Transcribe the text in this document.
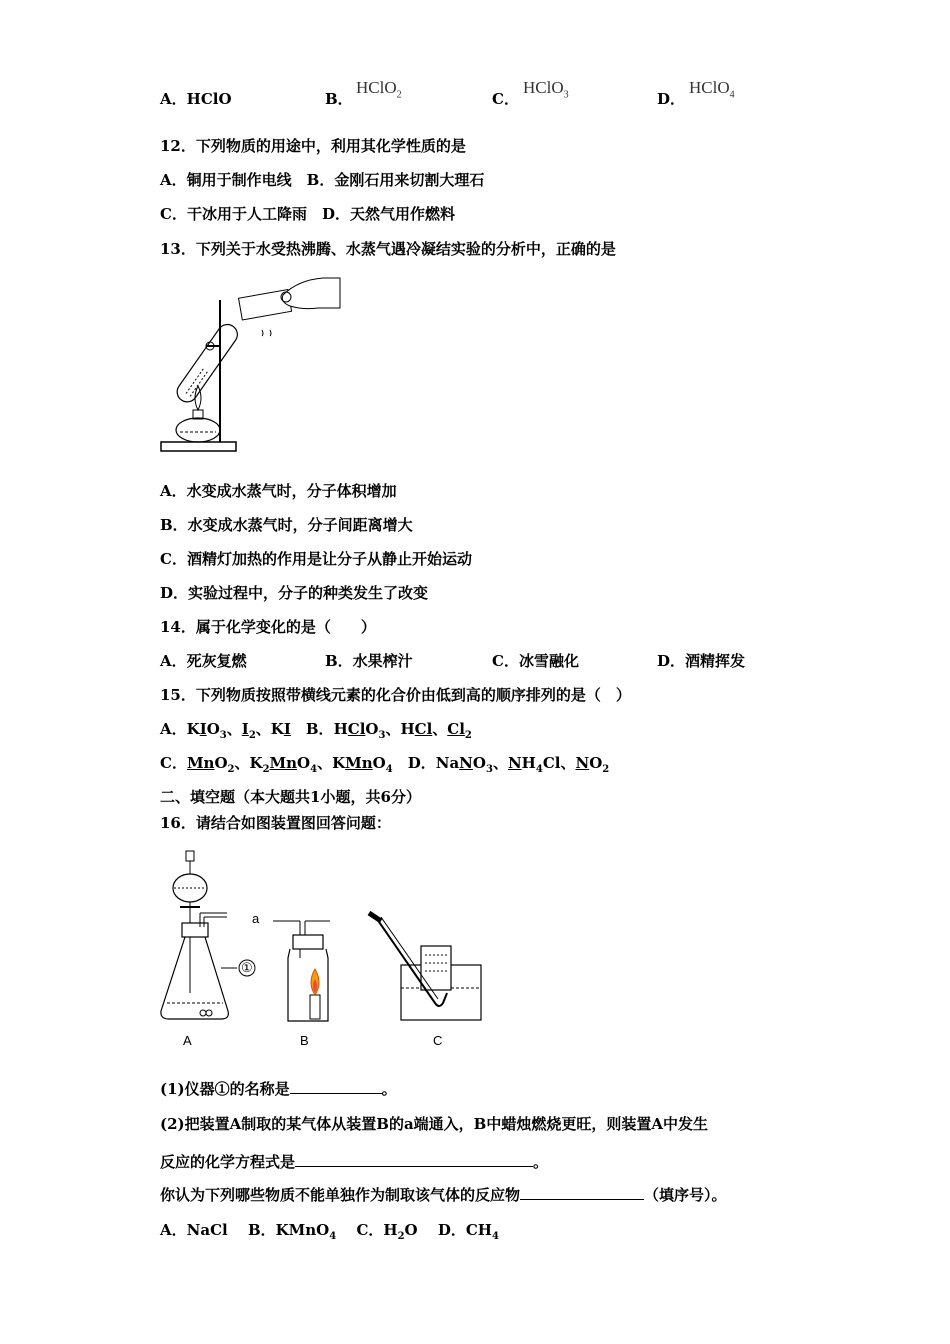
A．HClO	B．
HClO$_2$	C．
HClO$_3$	D．
HClO$_4$
12．下列物质的用途中，利用其化学性质的是
A．铜用于制作电线　B．金刚石用来切割大理石
C．干冰用于人工降雨　D．天然气用作燃料
13．下列关于水受热沸腾、水蒸气遇冷凝结实验的分析中，正确的是
A．水变成水蒸气时，分子体积增加
B．水变成水蒸气时，分子间距离增大
C．酒精灯加热的作用是让分子从静止开始运动
D．实验过程中，分子的种类发生了改变
14．属于化学变化的是（　　）
A．死灰复燃	B．水果榨汁	C．冰雪融化	D．酒精挥发
15．下列物质按照带横线元素的化合价由低到高的顺序排列的是（　）
A．$KIO_3$、$I_2$、KI　 B．HClO$_3$、HCl、$Cl_2$
C．MnO$_2$、$K_2MnO_4$、KMnO$_4$　 D．NaNO$_3$、$NH_4Cl$、$NO_2$
二、填空题（本大题共1小题，共6分）
16．请结合如图装置图回答问题：
①
A
a
B	C
(1)仪器①的名称是	。
(2)把装置A制取的某气体从装置B的a端通入，B中蜡烛燃烧更旺，则装置A中发生
反应的化学方程式是	。
你认为下列哪些物质不能单独作为制取该气体的反应物	（填序号）。
A．NaCl　 B．KMnO$_4$　 C．$H_2O$　 D．$CH_4$
